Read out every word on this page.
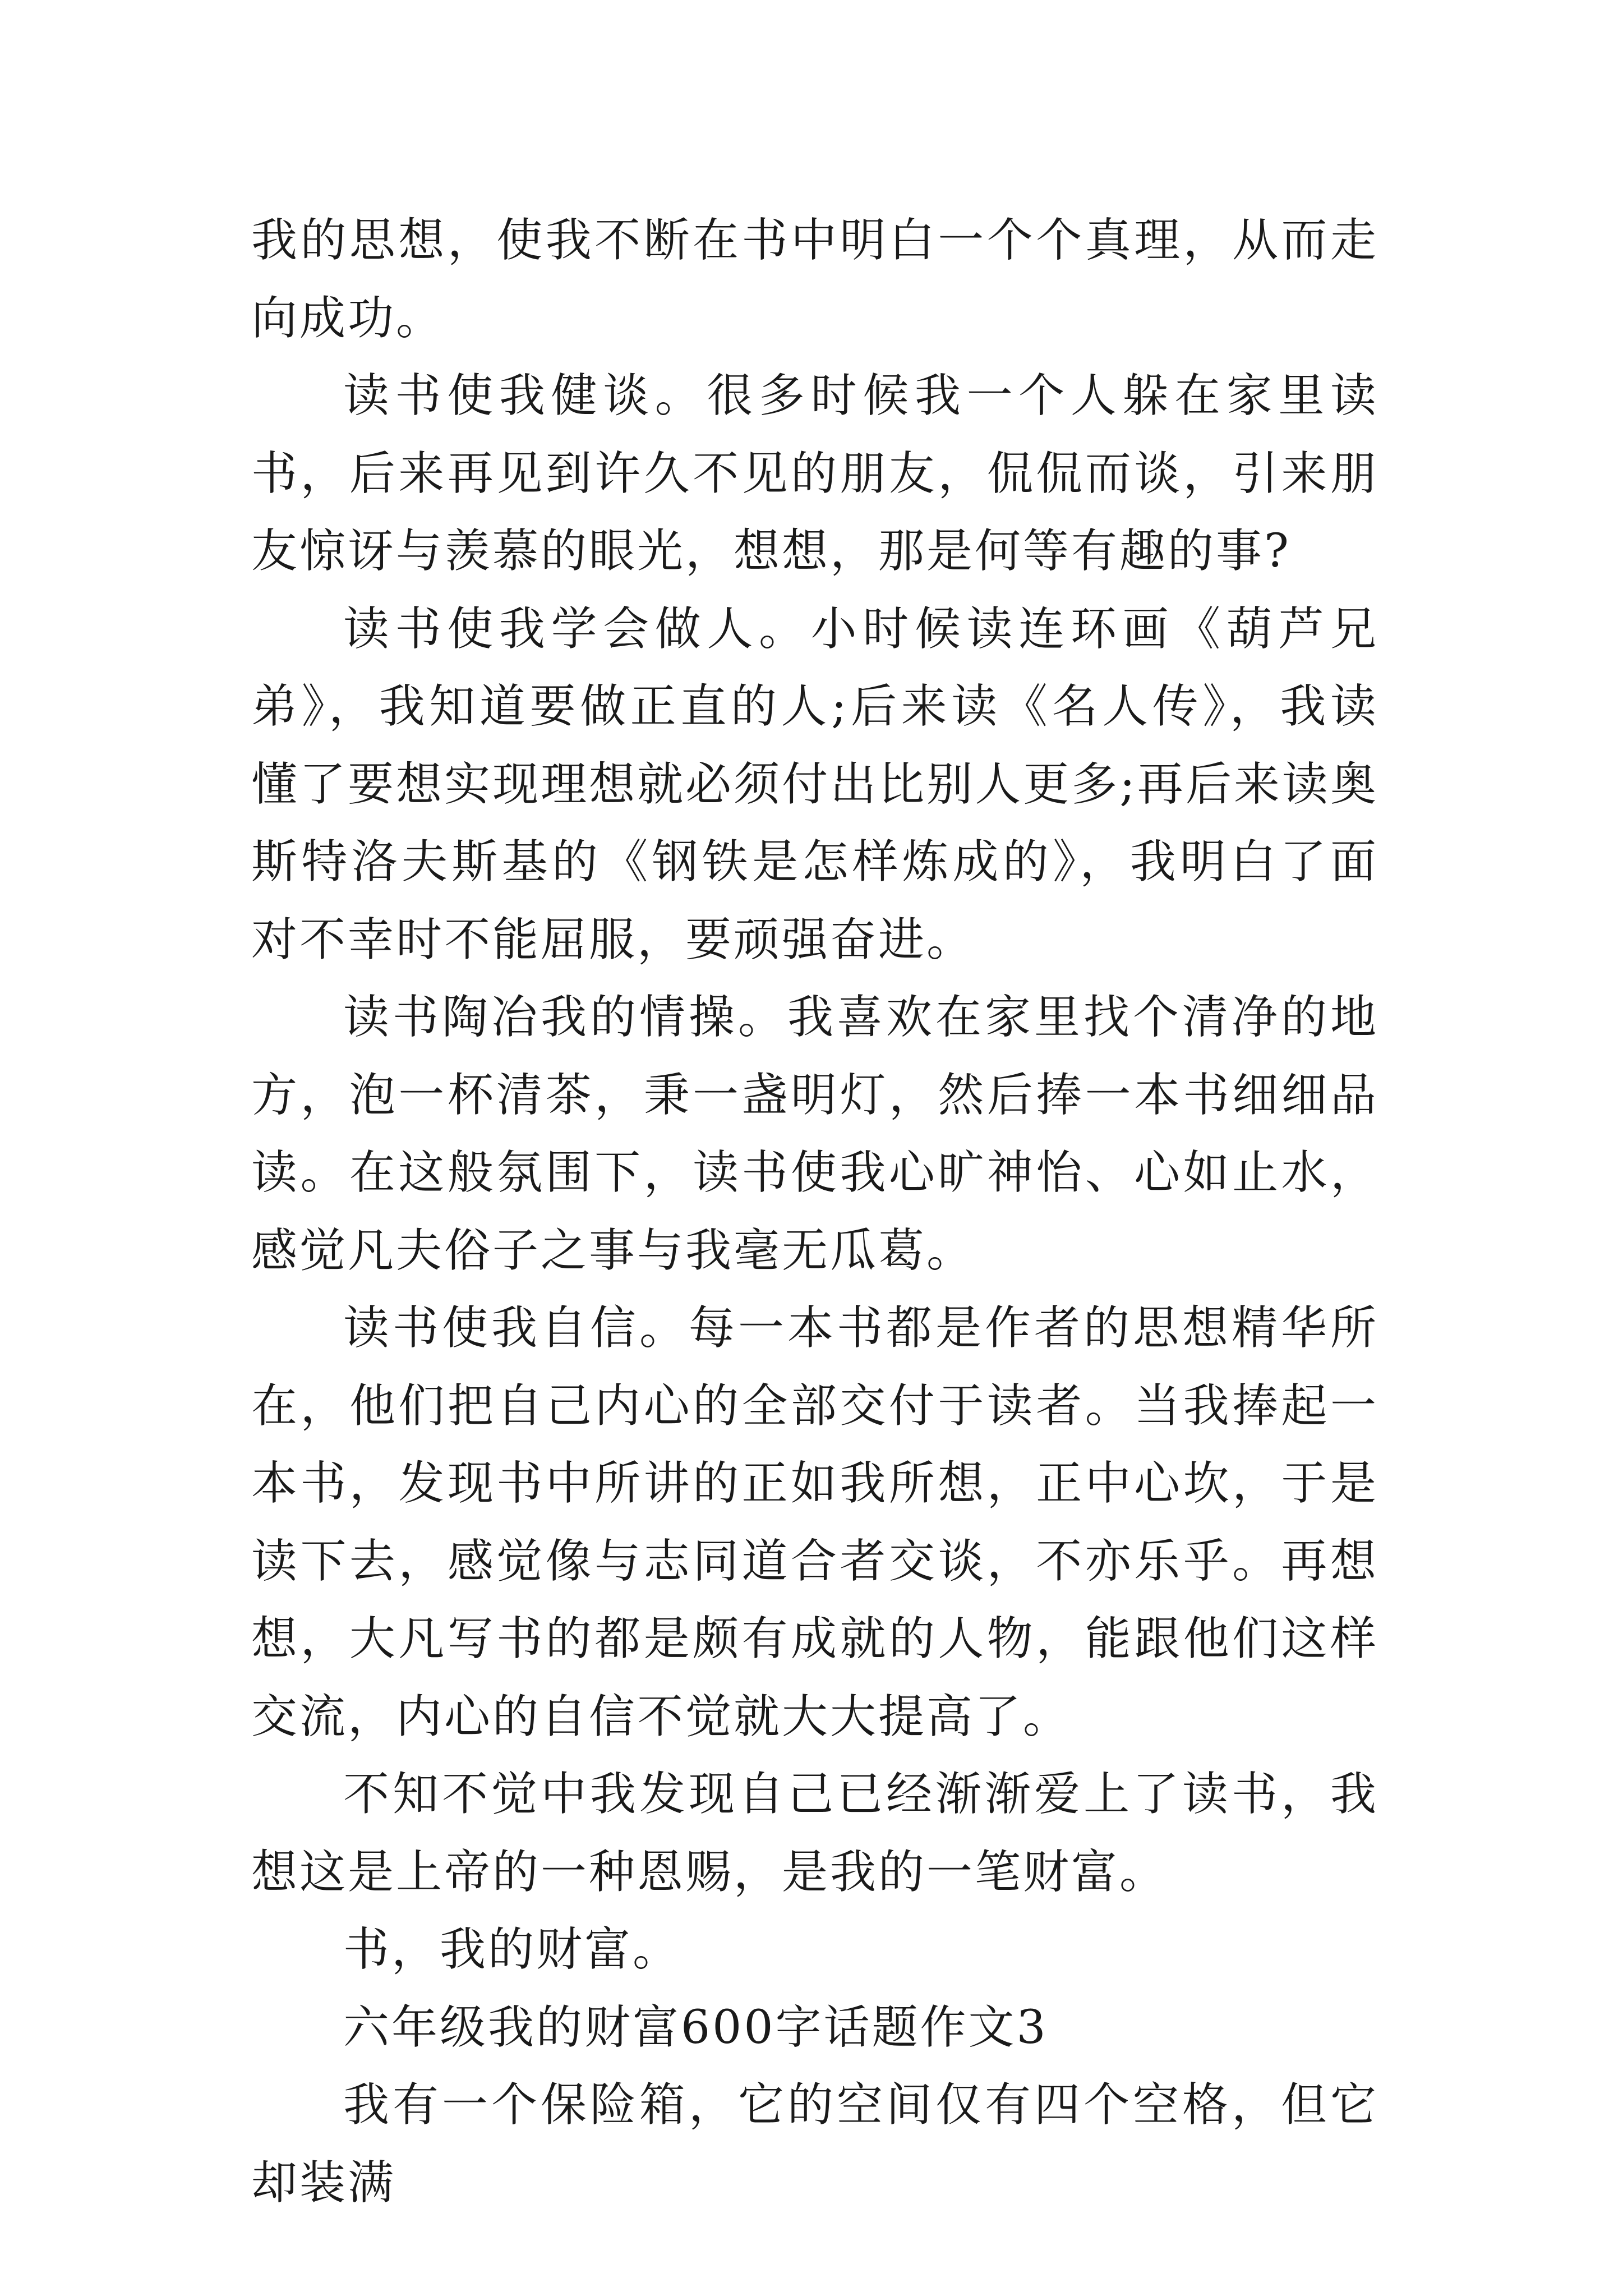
我的思想，使我不断在书中明白一个个真理，从而走向成功。

读书使我健谈。很多时候我一个人躲在家里读书，后来再见到许久不见的朋友，侃侃而谈，引来朋友惊讶与羡慕的眼光，想想，那是何等有趣的事?

读书使我学会做人。小时候读连环画《葫芦兄弟》，我知道要做正直的人;后来读《名人传》，我读懂了要想实现理想就必须付出比别人更多;再后来读奥斯特洛夫斯基的《钢铁是怎样炼成的》，我明白了面对不幸时不能屈服，要顽强奋进。

读书陶冶我的情操。我喜欢在家里找个清净的地方，泡一杯清茶，秉一盏明灯，然后捧一本书细细品读。在这般氛围下，读书使我心旷神怡、心如止水，感觉凡夫俗子之事与我毫无瓜葛。

读书使我自信。每一本书都是作者的思想精华所在，他们把自己内心的全部交付于读者。当我捧起一本书，发现书中所讲的正如我所想，正中心坎，于是读下去，感觉像与志同道合者交谈，不亦乐乎。再想想，大凡写书的都是颇有成就的人物，能跟他们这样交流，内心的自信不觉就大大提高了。

不知不觉中我发现自己已经渐渐爱上了读书，我想这是上帝的一种恩赐，是我的一笔财富。

书，我的财富。

六年级我的财富600字话题作文3

我有一个保险箱，它的空间仅有四个空格，但它却装满
